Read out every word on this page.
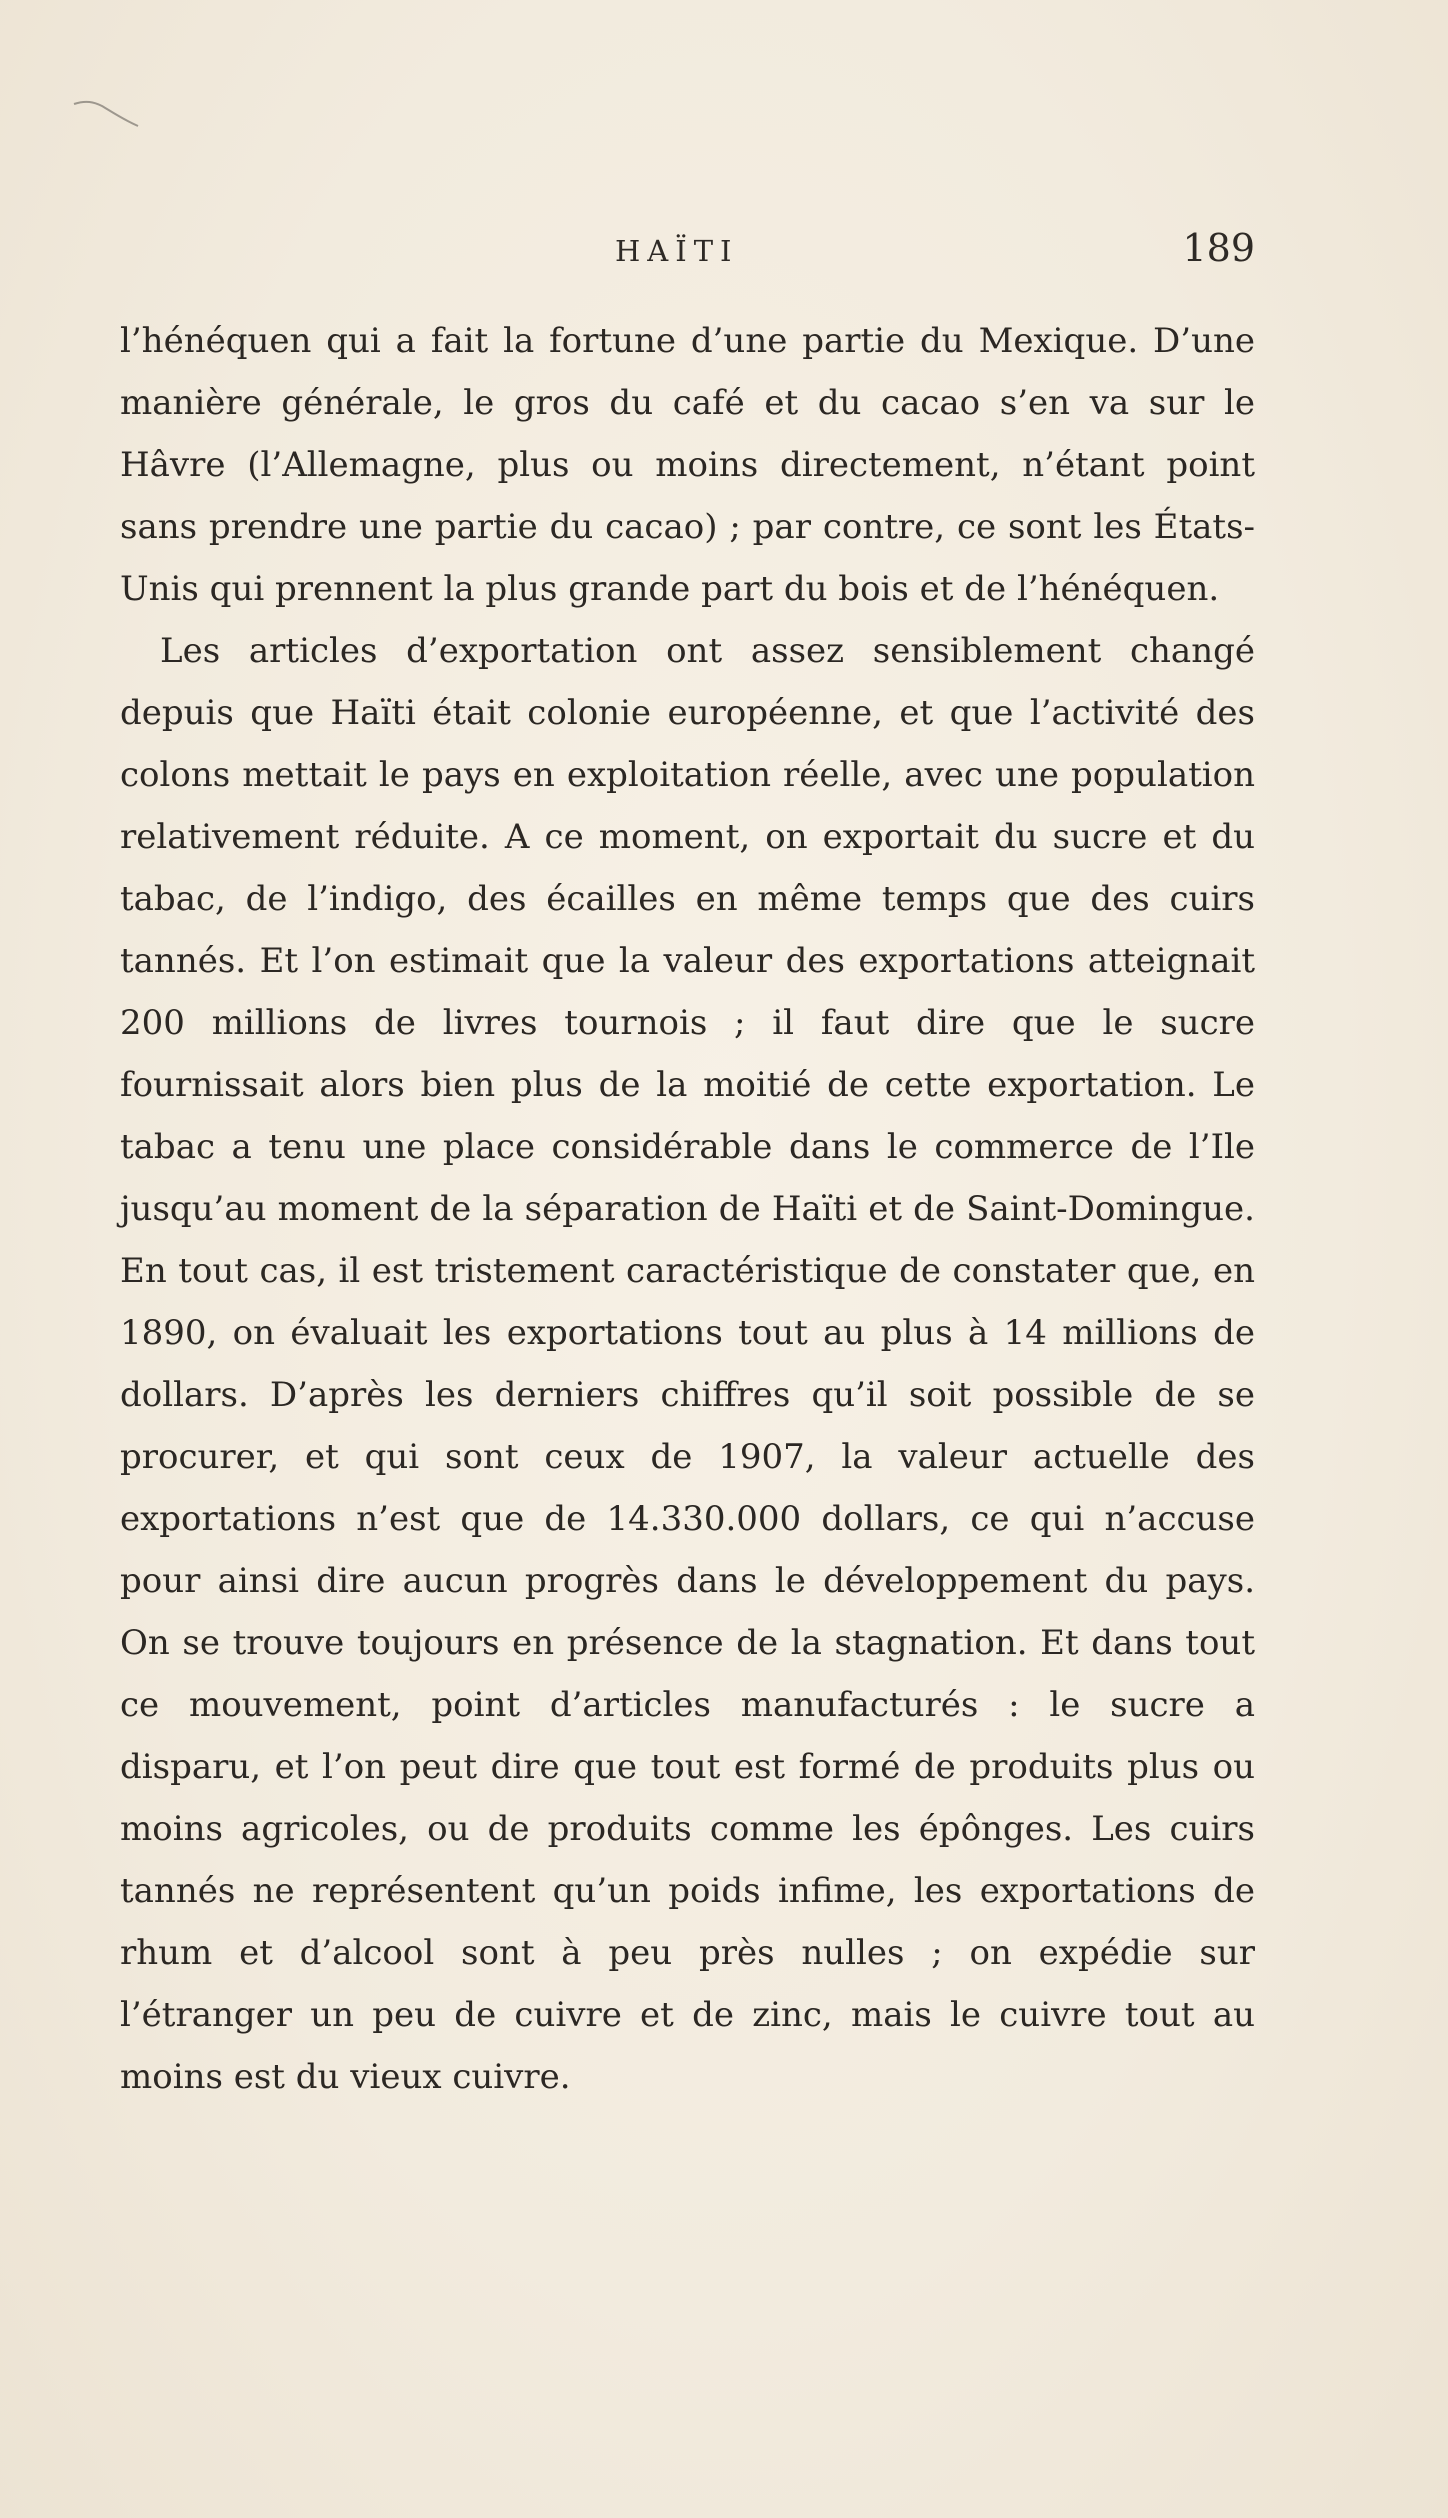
HAÏTI	189

l’hénéquen qui a fait la fortune d’une partie du Mexique. D’une manière générale, le gros du café et du cacao s’en va sur le Hâvre (l’Allemagne, plus ou moins directement, n’étant point sans prendre une partie du cacao) ; par contre, ce sont les États-Unis qui prennent la plus grande part du bois et de l’hénéquen.

Les articles d’exportation ont assez sensiblement changé depuis que Haïti était colonie européenne, et que l’activité des colons mettait le pays en exploitation réelle, avec une population relativement réduite. A ce moment, on exportait du sucre et du tabac, de l’indigo, des écailles en même temps que des cuirs tannés. Et l’on estimait que la valeur des exportations atteignait 200 millions de livres tournois ; il faut dire que le sucre fournissait alors bien plus de la moitié de cette exportation. Le tabac a tenu une place considérable dans le commerce de l’Ile jusqu’au moment de la séparation de Haïti et de Saint-Domingue. En tout cas, il est tristement caractéristique de constater que, en 1890, on évaluait les exportations tout au plus à 14 millions de dollars. D’après les derniers chiffres qu’il soit possible de se procurer, et qui sont ceux de 1907, la valeur actuelle des exportations n’est que de 14.330.000 dollars, ce qui n’accuse pour ainsi dire aucun progrès dans le développement du pays. On se trouve toujours en présence de la stagnation. Et dans tout ce mouvement, point d’articles manufacturés : le sucre a disparu, et l’on peut dire que tout est formé de produits plus ou moins agricoles, ou de produits comme les épônges. Les cuirs tannés ne représentent qu’un poids infime, les exportations de rhum et d’alcool sont à peu près nulles ; on expédie sur l’étranger un peu de cuivre et de zinc, mais le cuivre tout au moins est du vieux cuivre.
